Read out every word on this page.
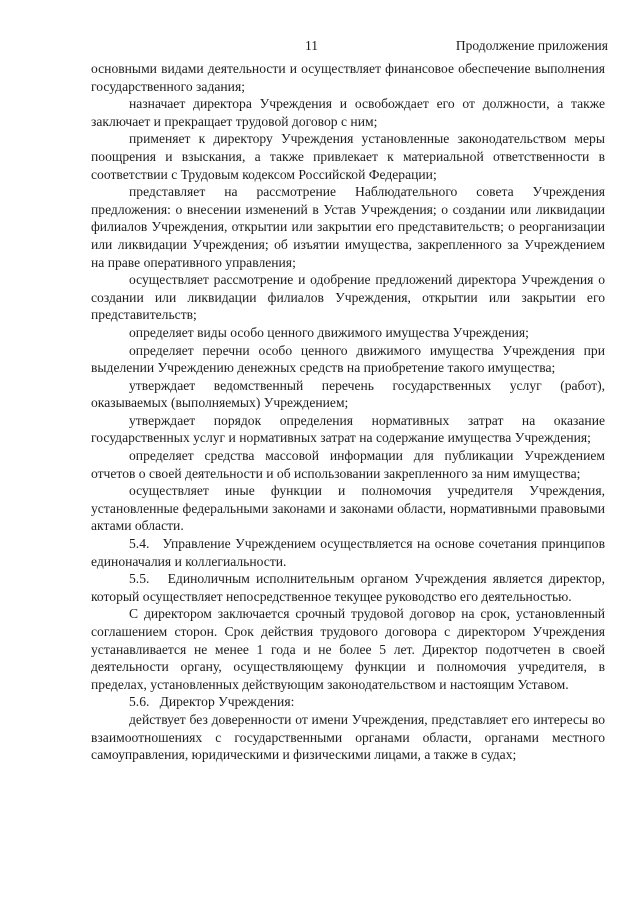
11	Продолжение приложения

основными видами деятельности и осуществляет финансовое обеспечение выполнения государственного задания;

назначает директора Учреждения и освобождает его от должности, а также заключает и прекращает трудовой договор с ним;

применяет к директору Учреждения установленные законодательством меры поощрения и взыскания, а также привлекает к материальной ответственности в соответствии с Трудовым кодексом Российской Федерации;

представляет на рассмотрение Наблюдательного совета Учреждения предложения: о внесении изменений в Устав Учреждения; о создании или ликвидации филиалов Учреждения, открытии или закрытии его представительств; о реорганизации или ликвидации Учреждения; об изъятии имущества, закрепленного за Учреждением на праве оперативного управления;

осуществляет рассмотрение и одобрение предложений директора Учреждения о создании или ликвидации филиалов Учреждения, открытии или закрытии его представительств;

определяет виды особо ценного движимого имущества Учреждения;

определяет перечни особо ценного движимого имущества Учреждения при выделении Учреждению денежных средств на приобретение такого имущества;

утверждает ведомственный перечень государственных услуг (работ), оказываемых (выполняемых) Учреждением;

утверждает порядок определения нормативных затрат на оказание государственных услуг и нормативных затрат на содержание имущества Учреждения;

определяет средства массовой информации для публикации Учреждением отчетов о своей деятельности и об использовании закрепленного за ним имущества;

осуществляет иные функции и полномочия учредителя Учреждения, установленные федеральными законами и законами области, нормативными правовыми актами области.

5.4.   Управление Учреждением осуществляется на основе сочетания принципов единоначалия и коллегиальности.

5.5.   Единоличным исполнительным органом Учреждения является директор, который осуществляет непосредственное текущее руководство его деятельностью.

С директором заключается срочный трудовой договор на срок, установленный соглашением сторон. Срок действия трудового договора с директором Учреждения устанавливается не менее 1 года и не более 5 лет. Директор подотчетен в своей деятельности органу, осуществляющему функции и полномочия учредителя, в пределах, установленных действующим законодательством и настоящим Уставом.

5.6.   Директор Учреждения:

действует без доверенности от имени Учреждения, представляет его интересы во взаимоотношениях с государственными органами области, органами местного самоуправления, юридическими и физическими лицами, а также в судах;
